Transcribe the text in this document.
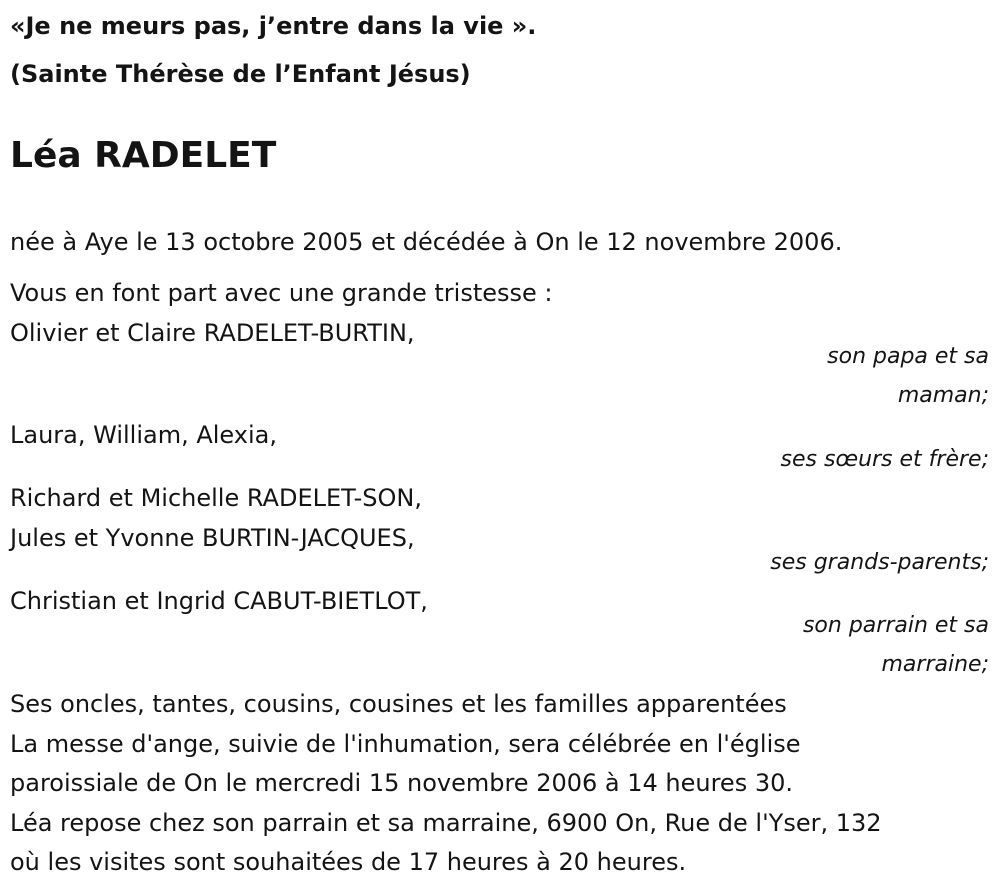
«Je ne meurs pas, j’entre dans la vie ».
(Sainte Thérèse de l’Enfant Jésus)
Léa RADELET
née à Aye le 13 octobre 2005 et décédée à On le 12 novembre 2006.
Vous en font part avec une grande tristesse :
Olivier et Claire RADELET-BURTIN,
son papa et sa
maman;
Laura, William, Alexia,
ses sœurs et frère;
Richard et Michelle RADELET-SON,
Jules et Yvonne BURTIN-JACQUES,
ses grands-parents;
Christian et Ingrid CABUT-BIETLOT,
son parrain et sa
marraine;
Ses oncles, tantes, cousins, cousines et les familles apparentées
La messe d'ange, suivie de l'inhumation, sera célébrée en l'église
paroissiale de On le mercredi 15 novembre 2006 à 14 heures 30.
Léa repose chez son parrain et sa marraine, 6900 On, Rue de l'Yser, 132
où les visites sont souhaitées de 17 heures à 20 heures.
